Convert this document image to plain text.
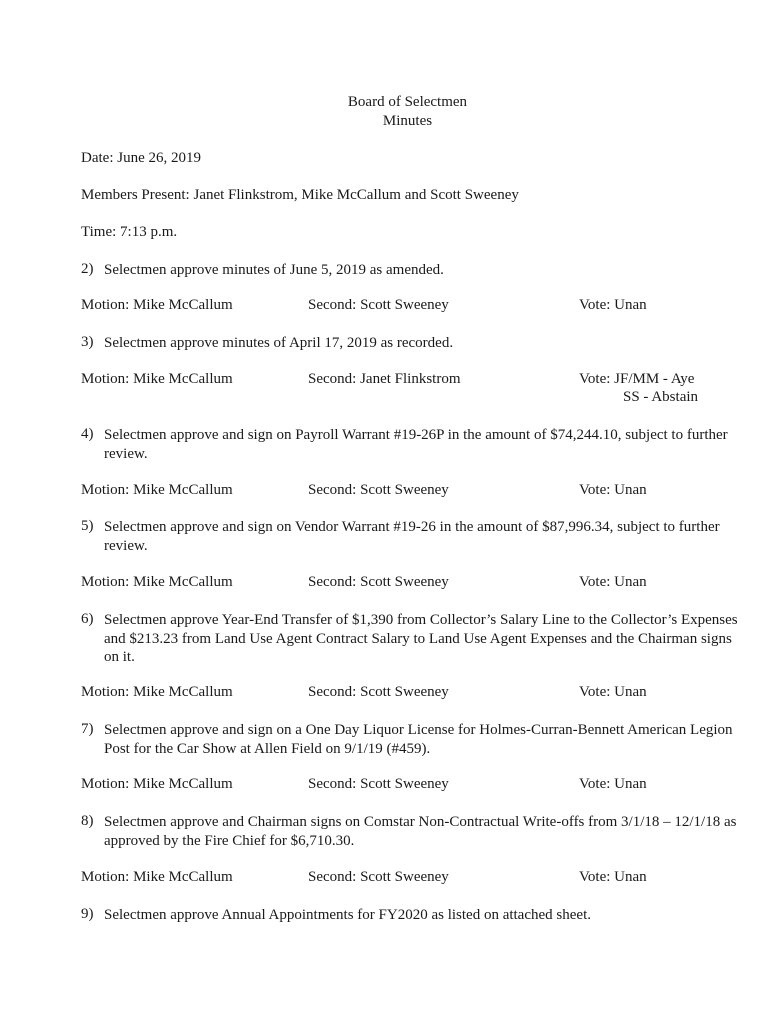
Board of Selectmen
Minutes
Date: June 26, 2019
Members Present: Janet Flinkstrom, Mike McCallum and Scott Sweeney
Time: 7:13 p.m.
2) Selectmen approve minutes of June 5, 2019 as amended.
Motion: Mike McCallum	Second: Scott Sweeney	Vote: Unan
3) Selectmen approve minutes of April 17, 2019 as recorded.
Motion: Mike McCallum	Second: Janet Flinkstrom	Vote: JF/MM - Aye
SS - Abstain
4) Selectmen approve and sign on Payroll Warrant #19-26P in the amount of $74,244.10, subject to further review.
Motion: Mike McCallum	Second: Scott Sweeney	Vote: Unan
5) Selectmen approve and sign on Vendor Warrant #19-26 in the amount of $87,996.34, subject to further review.
Motion: Mike McCallum	Second: Scott Sweeney	Vote: Unan
6) Selectmen approve Year-End Transfer of $1,390 from Collector’s Salary Line to the Collector’s Expenses and $213.23 from Land Use Agent Contract Salary to Land Use Agent Expenses and the Chairman signs on it.
Motion: Mike McCallum	Second: Scott Sweeney	Vote: Unan
7) Selectmen approve and sign on a One Day Liquor License for Holmes-Curran-Bennett American Legion Post for the Car Show at Allen Field on 9/1/19 (#459).
Motion: Mike McCallum	Second: Scott Sweeney	Vote: Unan
8) Selectmen approve and Chairman signs on Comstar Non-Contractual Write-offs from 3/1/18 – 12/1/18 as approved by the Fire Chief for $6,710.30.
Motion: Mike McCallum	Second: Scott Sweeney	Vote: Unan
9) Selectmen approve Annual Appointments for FY2020 as listed on attached sheet.
